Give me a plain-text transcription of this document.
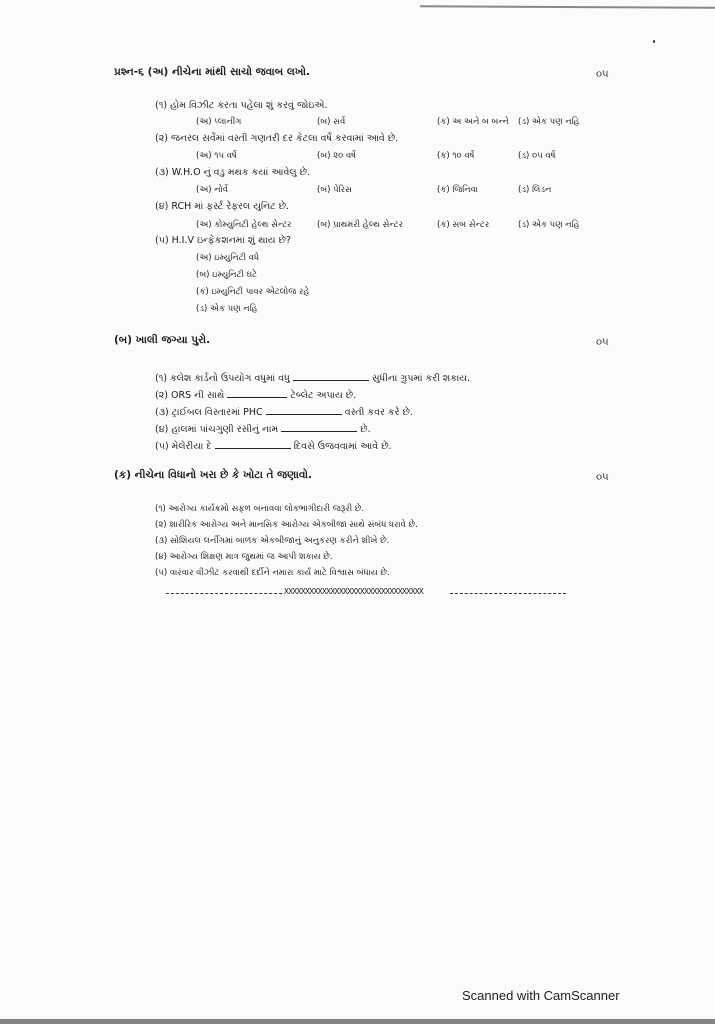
પ્રશ્ન-૬ (અ) નીચેના માંથી સાચો જવાબ લખો.	૦૫
(૧) હોમ વિઝીટ કરતા પહેલા શું કરવું જોઇએ.
(અ) પ્લાનીંગ	(બ) સર્વે	(ક) અ અને બ બન્ને (ડ) એક પણ નહિ
(૨) જનરલ સર્વેમાં વસ્તી ગણતરી દર કેટલા વર્ષે કરવામાં આવે છે.
(અ) ૧૫ વર્ષે	(બ) ૨૦ વર્ષે	(ક) ૧૦ વર્ષે	(ડ) ૦૫ વર્ષે
(૩) W.H.O નું વડુ મથક કયાં આવેલુ છે.
(અ) નોર્વે	(બ) પેરિસ	(ક) જિનિવા	(ડ) લિંડન
(૪) RCH માં ફર્સ્ટ રેફરલ યુનિટ છે.
(અ) કોમ્યુનિટી હેલ્થ સેન્ટર	(બ) પ્રાથમરી હેલ્થ સેન્ટર	(ક) સબ સેન્ટર	(ડ) એક પણ નહિ
(૫) H.I.V ઇન્ફેકશનમાં શું થાય છે?
(અ) ઇમ્યુનિટી વધે
(બ) ઇમ્યુનિટી ઘટે
(ક) ઇમ્યુનિટી પાવર એટલોજ રહે
(ડ) એક પણ નહિ
(બ) ખાલી જગ્યા પુરો.	૦૫
(૧) કલેશ કાર્ડનો ઉપયોગ વધુમાં વધુ	સુધીના ગ્રુપમાં કરી શકાય.
(૨) ORS ની સાથે	ટેબ્લેટ અપાય છે.
(૩) ટ્રાઈબલ વિસ્તારમાં PHC	વસ્તી કવર કરે છે.
(૪) હાલમાં પાંચગુણી રસીનું નામ	છે.
(૫) મેલેરીયા દે	દિવસે ઉજવવામાં આવે છે.
(ક) નીચેના વિધાનો ખરા છે કે ખોટા તે જણાવો.	૦૫
(૧) આરોગ્ય કાર્યક્રમો સફળ બનાવવા લોકભાગીદારી જરૂરી છે.
(૨) શારીરિક આરોગ્ય અને માનસિક આરોગ્ય એકબીજા સાથે સંબંધ ધરાવે છે.
(૩) સોશિયલ લર્નીગમાં બાળક એકબીજાનું અનુકરણ કરીને શીખે છે.
(૪) આરોગ્ય શિક્ષણ માત્ર જુથમાં જ આપી શકાય છે.
(૫) વારંવાર વીઝીટ કરવાથી દર્દીને નમારા કાર્ય માટે વિશ્વાસ બંધાય છે.
XXXXXXXXXXXXXXXXXXXXXXXXXXXXXXXXX
Scanned with CamScanner
